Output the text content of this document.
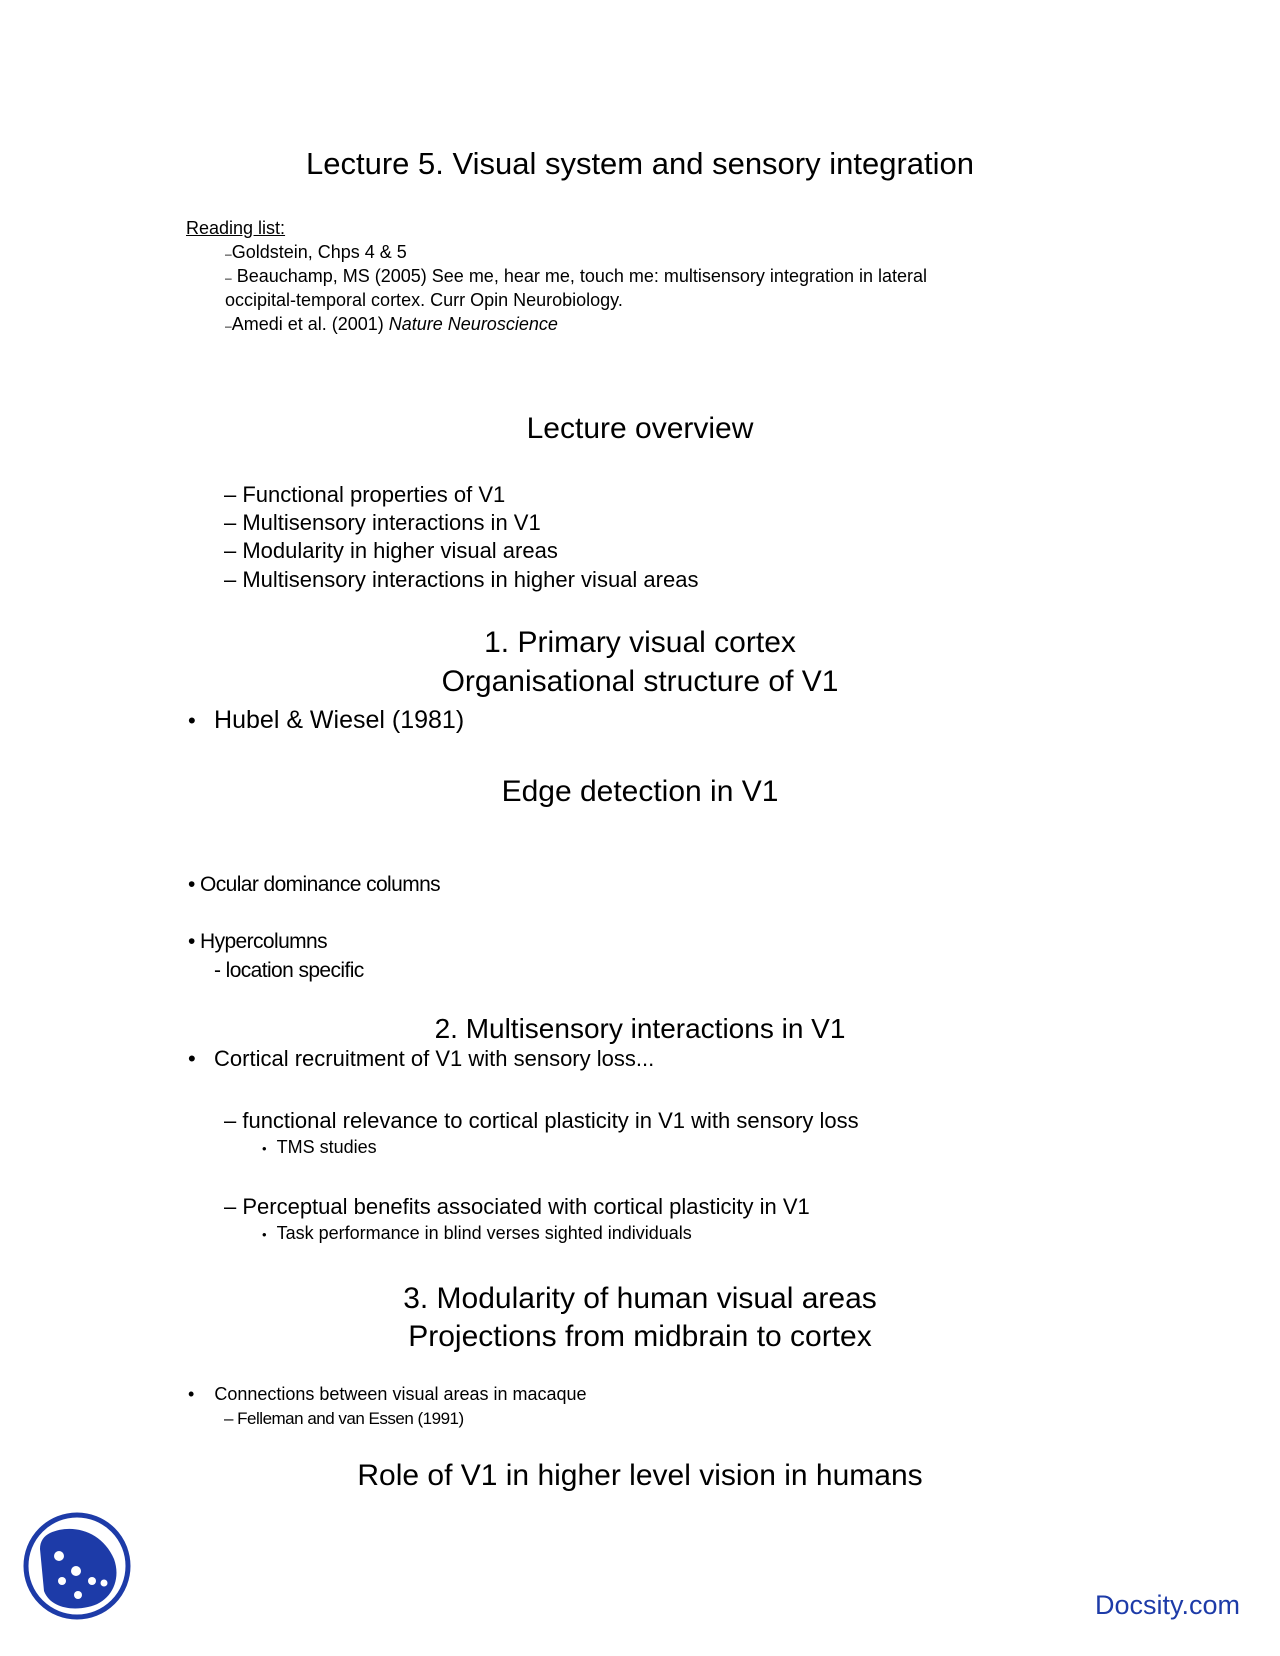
Lecture 5. Visual system and sensory integration
Reading list:
–Goldstein, Chps 4 & 5
– Beauchamp, MS (2005) See me, hear me, touch me: multisensory integration in lateral
occipital-temporal cortex. Curr Opin Neurobiology.
–Amedi et al. (2001) Nature Neuroscience
Lecture overview
– Functional properties of V1
– Multisensory interactions in V1
– Modularity in higher visual areas
– Multisensory interactions in higher visual areas
1. Primary visual cortex
Organisational structure of V1
• Hubel & Wiesel (1981)
Edge detection in V1
• Ocular dominance columns
• Hypercolumns
- location specific
2. Multisensory interactions in V1
• Cortical recruitment of V1 with sensory loss...
– functional relevance to cortical plasticity in V1 with sensory loss
• TMS studies
– Perceptual benefits associated with cortical plasticity in V1
• Task performance in blind verses sighted individuals
3. Modularity of human visual areas
Projections from midbrain to cortex
• Connections between visual areas in macaque
– Felleman and van Essen (1991)
Role of V1 in higher level vision in humans
Docsity.com
